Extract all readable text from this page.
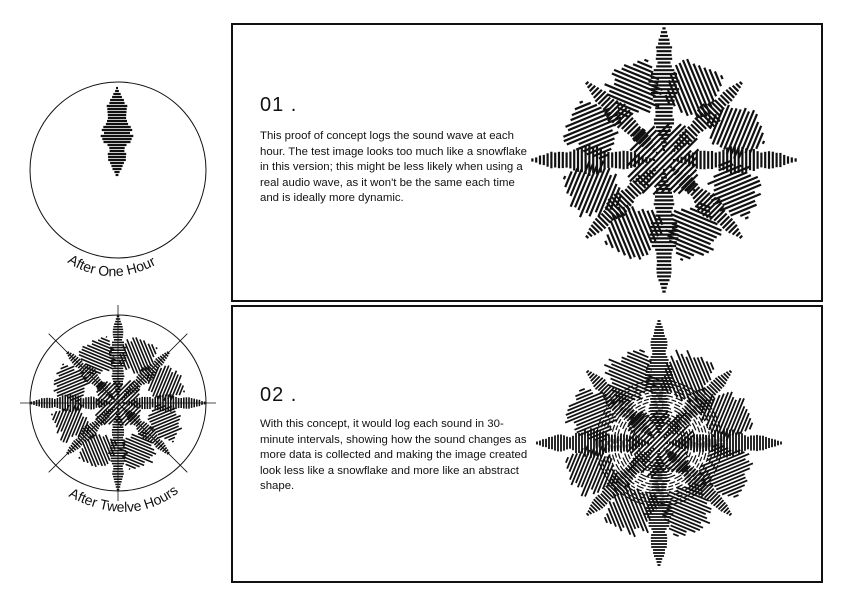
After One Hour
After Twelve Hours
01 .

This proof of concept logs the sound wave at each hour. The test image looks too much like a snowflake in this version; this might be less likely when using a real audio wave, as it won't be the same each time and is ideally more dynamic.

02 .

With this concept, it would log each sound in 30-minute intervals, showing how the sound changes as more data is collected and making the image created look less like a snowflake and more like an abstract shape.
